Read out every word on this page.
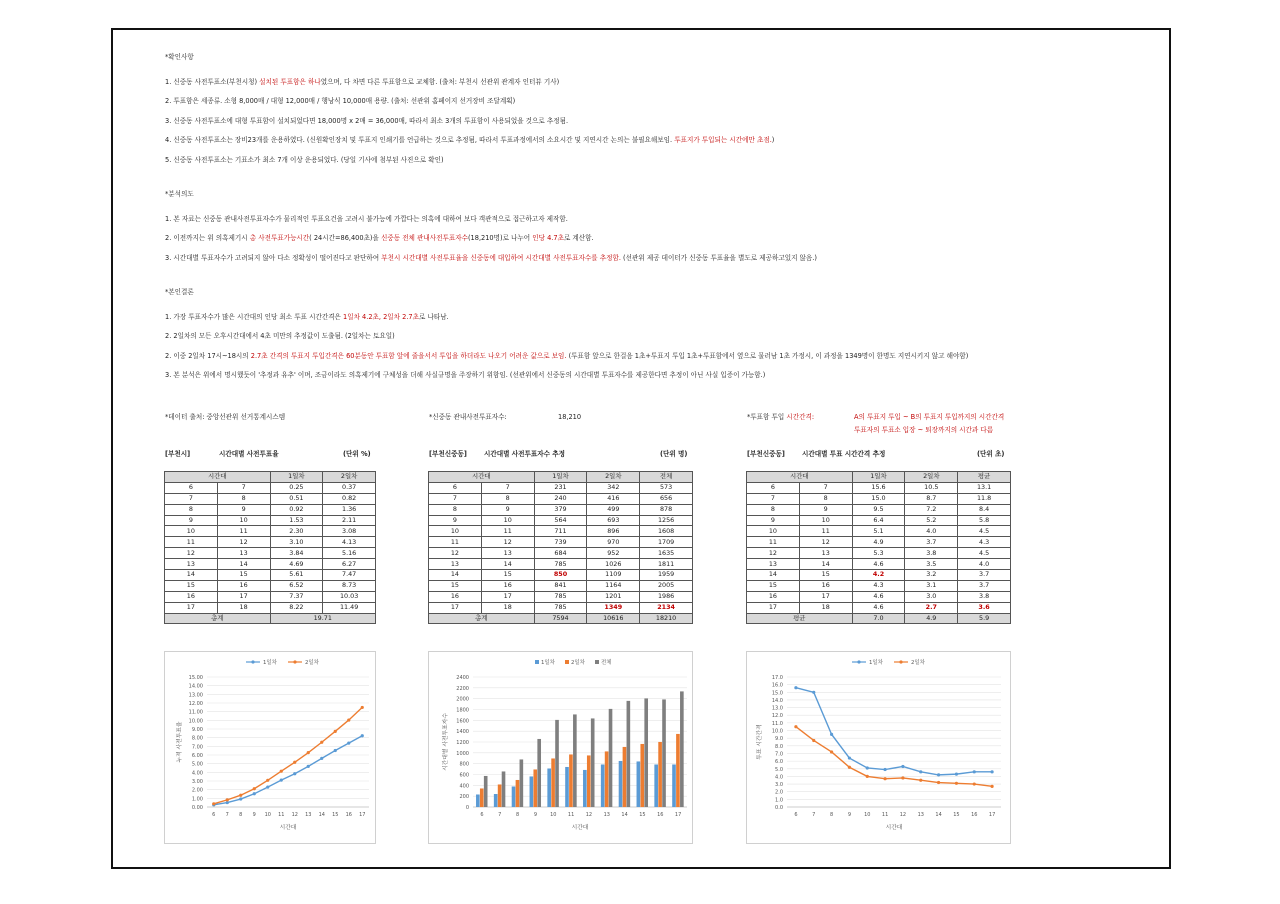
*확인사항
1. 신중동 사전투표소(부천시청) 설치된 투표함은 하나였으며, 다 차면 다른 투표함으로 교체함. (출처: 부천시 선관위 관계자 인터뷰 기사)
2. 투표함은 세종류. 소형 8,000매 / 대형 12,000매 / 행낭식 10,000매 용량. (출처: 선관위 홈페이지 선거장비 조달계획)
3. 신중동 사전투표소에 대형 투표함이 설치되었다면 18,000명 x 2매 = 36,000매, 따라서 최소 3개의 투표함이 사용되었을 것으로 추정됨.
4. 신중동 사전투표소는 장비23개를 운용하였다. (신원확인장치 및 투표지 인쇄기를 언급하는 것으로 추정됨, 따라서 투표과정에서의 소요시간 및 지연시간 논의는 불필요해보임. 투표지가 투입되는 시간에만 초점.)
5. 신중동 사전투표소는 기표소가 최소 7개 이상 운용되었다. (당일 기사에 첨부된 사진으로 확인)
*분석의도
1. 본 자료는 신중동 관내사전투표자수가 물리적인 투표요건을 고려시 불가능에 가깝다는 의혹에 대하여 보다 객관적으로 접근하고자 제작함.
2. 이전까지는 위 의혹제기시 총 사전투표가능시간( 24시간=86,400초)을 신중동 전체 관내사전투표자수(18,210명)로 나누어 인당 4.7초로 계산함.
3. 시간대별 투표자수가 고려되지 않아 다소 정확성이 떨어진다고 판단하여 부천시 시간대별 사전투표율을 신중동에 대입하여 시간대별 사전투표자수를 추정함. (선관위 제공 데이터가 신중동 투표율을 별도로 제공하고있지 않음.)
*본인결론
1. 가장 투표자수가 많은 시간대의 인당 최소 투표 시간간격은 1일차 4.2초, 2일차 2.7초로 나타남.
2. 2일차의 모든 오후시간대에서 4초 미만의 추정값이 도출됨. (2일차는 토요일)
2. 이중 2일차 17시~18시의 2.7초 간격의 투표지 투입간격은 60분동안 투표함 앞에 줄을서서 투입을 하더라도 나오기 어려운 값으로 보임. (투표함 앞으로 한걸음 1초+투표지 투입 1초+투표함에서 옆으로 물러남 1초 가정시, 이 과정을 1349명이 한명도 지연시키지 않고 해야함)
3. 본 분석은 위에서 명시했듯이 '추정과 유추' 이며, 조금이라도 의혹제기에 구체성을 더해 사실규명을 주장하기 위함임. (선관위에서 신중동의 시간대별 투표자수를 제공한다면 추정이 아닌 사실 입증이 가능함.)
*데이터 출처: 중앙선관위 선거통계시스템	*신중동 관내사전투표자수:	18,210	*투표함 투입 시간간격:	A의 투표지 투입 ~ B의 투표지 투입까지의 시간간격
투표자의 투표소 입장 ~ 퇴장까지의 시간과 다름
[부천시]	시간대별 사전투표율	(단위 %)	[부천신중동]	시간대별 사전투표자수 추정	(단위 명)	[부천신중동]	시간대별 투표 시간간격 추정	(단위 초)
시간대		1일차	2일차
6	7	0.25	0.37
7	8	0.51	0.82
8	9	0.92	1.36
9	10	1.53	2.11
10	11	2.30	3.08
11	12	3.10	4.13
12	13	3.84	5.16
13	14	4.69	6.27
14	15	5.61	7.47
15	16	6.52	8.73
16	17	7.37	10.03
17	18	8.22	11.49
총계		19.71	
시간대		1일차	2일차	전체
6	7	231	342	573
7	8	240	416	656
8	9	379	499	878
9	10	564	693	1256
10	11	711	896	1608
11	12	739	970	1709
12	13	684	952	1635
13	14	785	1026	1811
14	15	850	1109	1959
15	16	841	1164	2005
16	17	785	1201	1986
17	18	785	1349	2134
총계		7594	10616	18210
시간대		1일차	2일차	평균
6	7	15.6	10.5	13.1
7	8	15.0	8.7	11.8
8	9	9.5	7.2	8.4
9	10	6.4	5.2	5.8
10	11	5.1	4.0	4.5
11	12	4.9	3.7	4.3
12	13	5.3	3.8	4.5
13	14	4.6	3.5	4.0
14	15	4.2	3.2	3.7
15	16	4.3	3.1	3.7
16	17	4.6	3.0	3.8
17	18	4.6	2.7	3.6
평균		7.0	4.9	5.9
0.00
1.00
2.00
3.00
4.00
5.00
6.00
7.00
8.00
9.00
10.00
11.00
12.00
13.00
14.00
15.00
6 7 8 9 10 11 12 13 14 15 16 17
시간대
누적 사전투표율
1일차	2일차
0
200
400
600
800
1000
1200
1400
1600
1800
2000
2200
2400
6	7	8	9	10 11 12 13 14 15 16 17
시간대
시간대별 사전투표자수
1일차	2일차	전체
0.0
1.0
2.0
3.0
4.0
5.0
6.0
7.0
8.0
9.0
10.0
11.0
12.0
13.0
14.0
15.0
16.0
17.0
6	7	8	9	10 11 12 13 14 15 16 17
시간대
투표 시간간격
1일차	2일차
